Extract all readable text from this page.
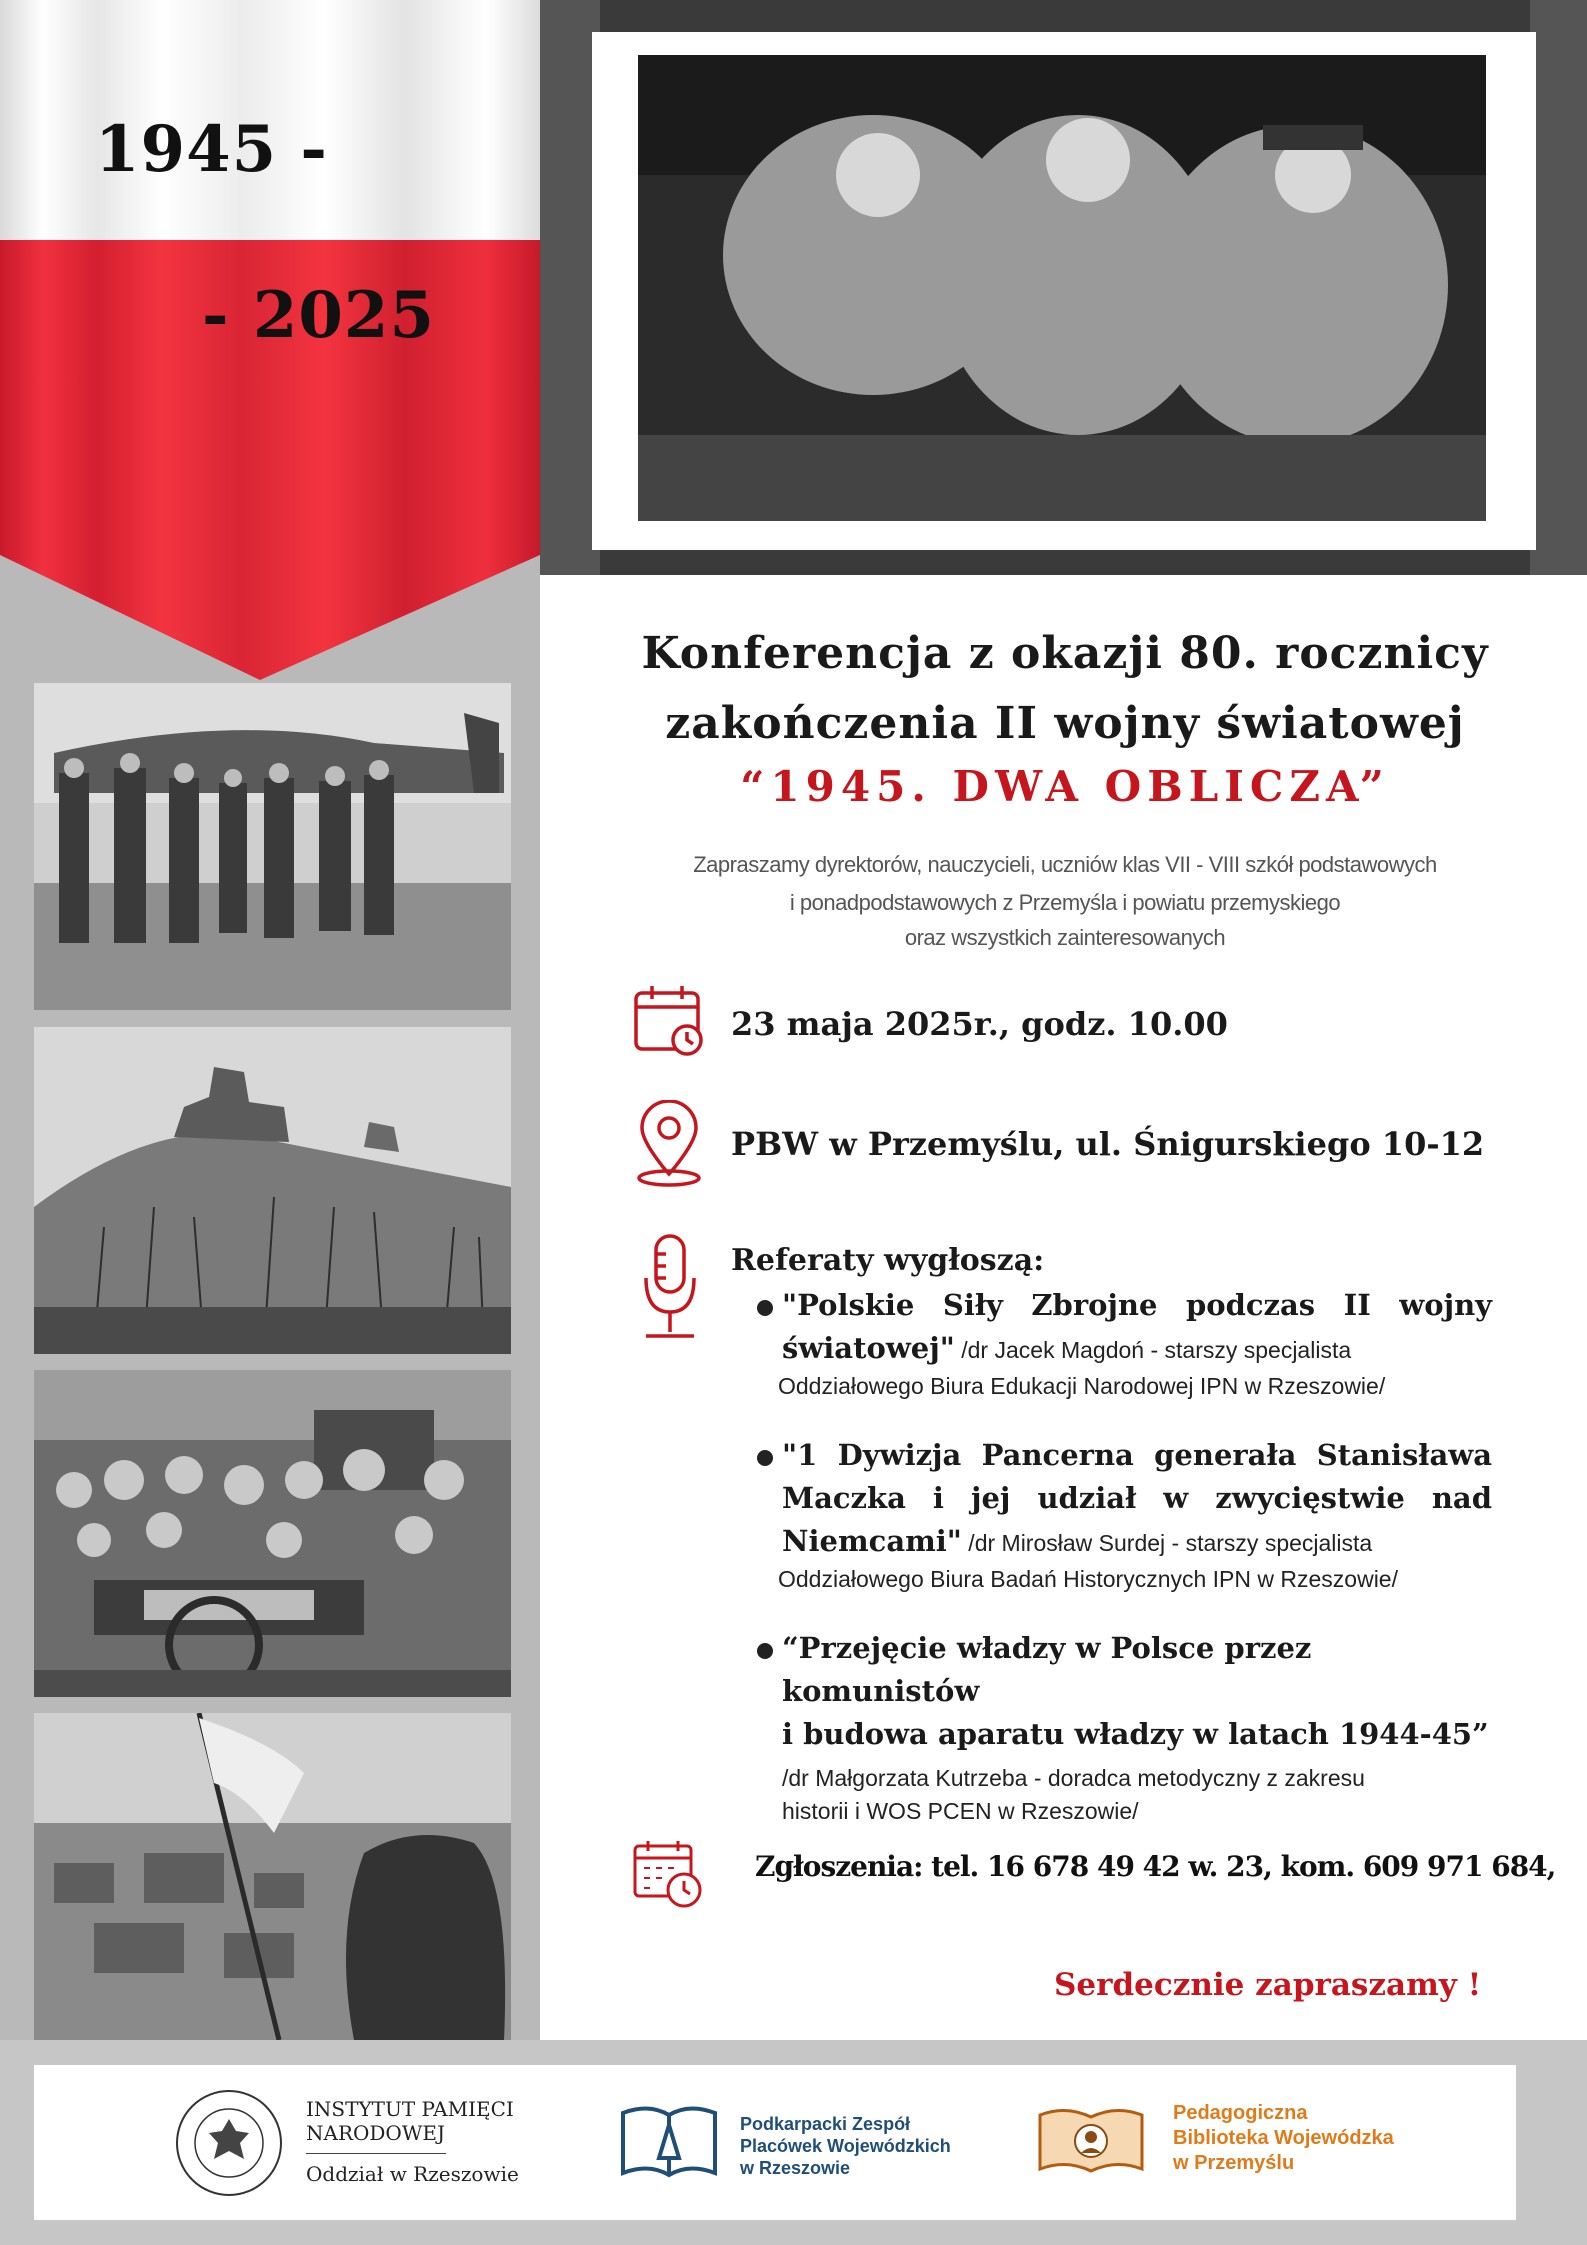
1945 -
- 2025
Konferencja z okazji 80. rocznicy
zakończenia II wojny światowej
“1945. DWA OBLICZA”
Zapraszamy dyrektorów, nauczycieli, uczniów klas VII - VIII szkół podstawowych
i ponadpodstawowych z Przemyśla i powiatu przemyskiego
oraz wszystkich zainteresowanych
23 maja 2025r., godz. 10.00
PBW w Przemyślu, ul. Śnigurskiego 10-12
Referaty wygłoszą:
"Polskie Siły Zbrojne podczas II wojny
światowej" /dr Jacek Magdoń - starszy specjalista
Oddziałowego Biura Edukacji Narodowej IPN w Rzeszowie/
"1 Dywizja Pancerna generała Stanisława
Maczka i jej udział w zwycięstwie nad
Niemcami" /dr Mirosław Surdej - starszy specjalista
Oddziałowego Biura Badań Historycznych IPN w Rzeszowie/
“Przejęcie władzy w Polsce przez komunistów
i budowa aparatu władzy w latach 1944-45”
/dr Małgorzata Kutrzeba - doradca metodyczny z zakresu
historii i WOS PCEN w Rzeszowie/
Zgłoszenia: tel. 16 678 49 42 w. 23, kom. 609 971 684,
Serdecznie zapraszamy !
INSTYTUT PAMIĘCI
NARODOWEJ
Oddział w Rzeszowie
Podkarpacki Zespół
Placówek Wojewódzkich
w Rzeszowie
Pedagogiczna
Biblioteka Wojewódzka
w Przemyślu
